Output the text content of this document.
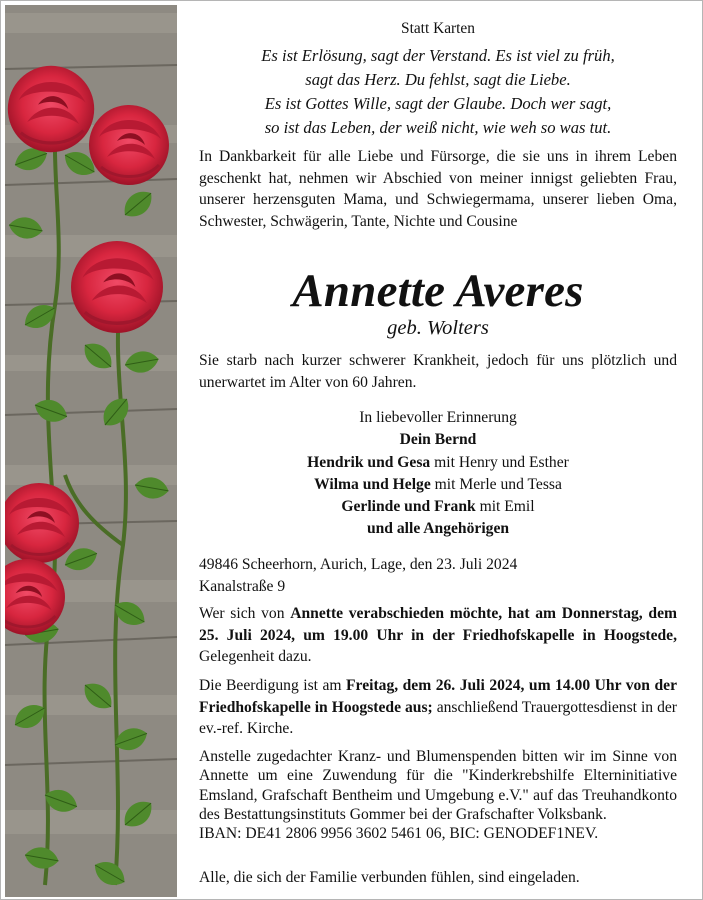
Statt Karten

Es ist Erlösung, sagt der Verstand. Es ist viel zu früh,
sagt das Herz. Du fehlst, sagt die Liebe.
Es ist Gottes Wille, sagt der Glaube. Doch wer sagt,
so ist das Leben, der weiß nicht, wie weh so was tut.

In Dankbarkeit für alle Liebe und Fürsorge, die sie uns in ihrem Leben geschenkt hat, nehmen wir Abschied von meiner innigst geliebten Frau, unserer herzensguten Mama, und Schwiegermama, unserer lieben Oma, Schwester, Schwägerin, Tante, Nichte und Cousine

Annette Averes

geb. Wolters

Sie starb nach kurzer schwerer Krankheit, jedoch für uns plötzlich und unerwartet im Alter von 60 Jahren.

In liebevoller Erinnerung
Dein Bernd
Hendrik und Gesa mit Henry und Esther
Wilma und Helge mit Merle und Tessa
Gerlinde und Frank mit Emil
und alle Angehörigen
49846 Scheerhorn, Aurich, Lage, den 23. Juli 2024
Kanalstraße 9

Wer sich von Annette verabschieden möchte, hat am Donnerstag, dem 25. Juli 2024, um 19.00 Uhr in der Friedhofskapelle in Hoogstede, Gelegenheit dazu.

Die Beerdigung ist am Freitag, dem 26. Juli 2024, um 14.00 Uhr von der Friedhofskapelle in Hoogstede aus; anschließend Trauergottesdienst in der ev.-ref. Kirche.

Anstelle zugedachter Kranz- und Blumenspenden bitten wir im Sinne von Annette um eine Zuwendung für die "Kinderkrebshilfe Elterninitiative Emsland, Grafschaft Bentheim und Umgebung e.V." auf das Treuhandkonto des Bestattungsinstituts Gommer bei der Grafschafter Volksbank.

IBAN: DE41 2806 9956 3602 5461 06, BIC: GENODEF1NEV.

Alle, die sich der Familie verbunden fühlen, sind eingeladen.
